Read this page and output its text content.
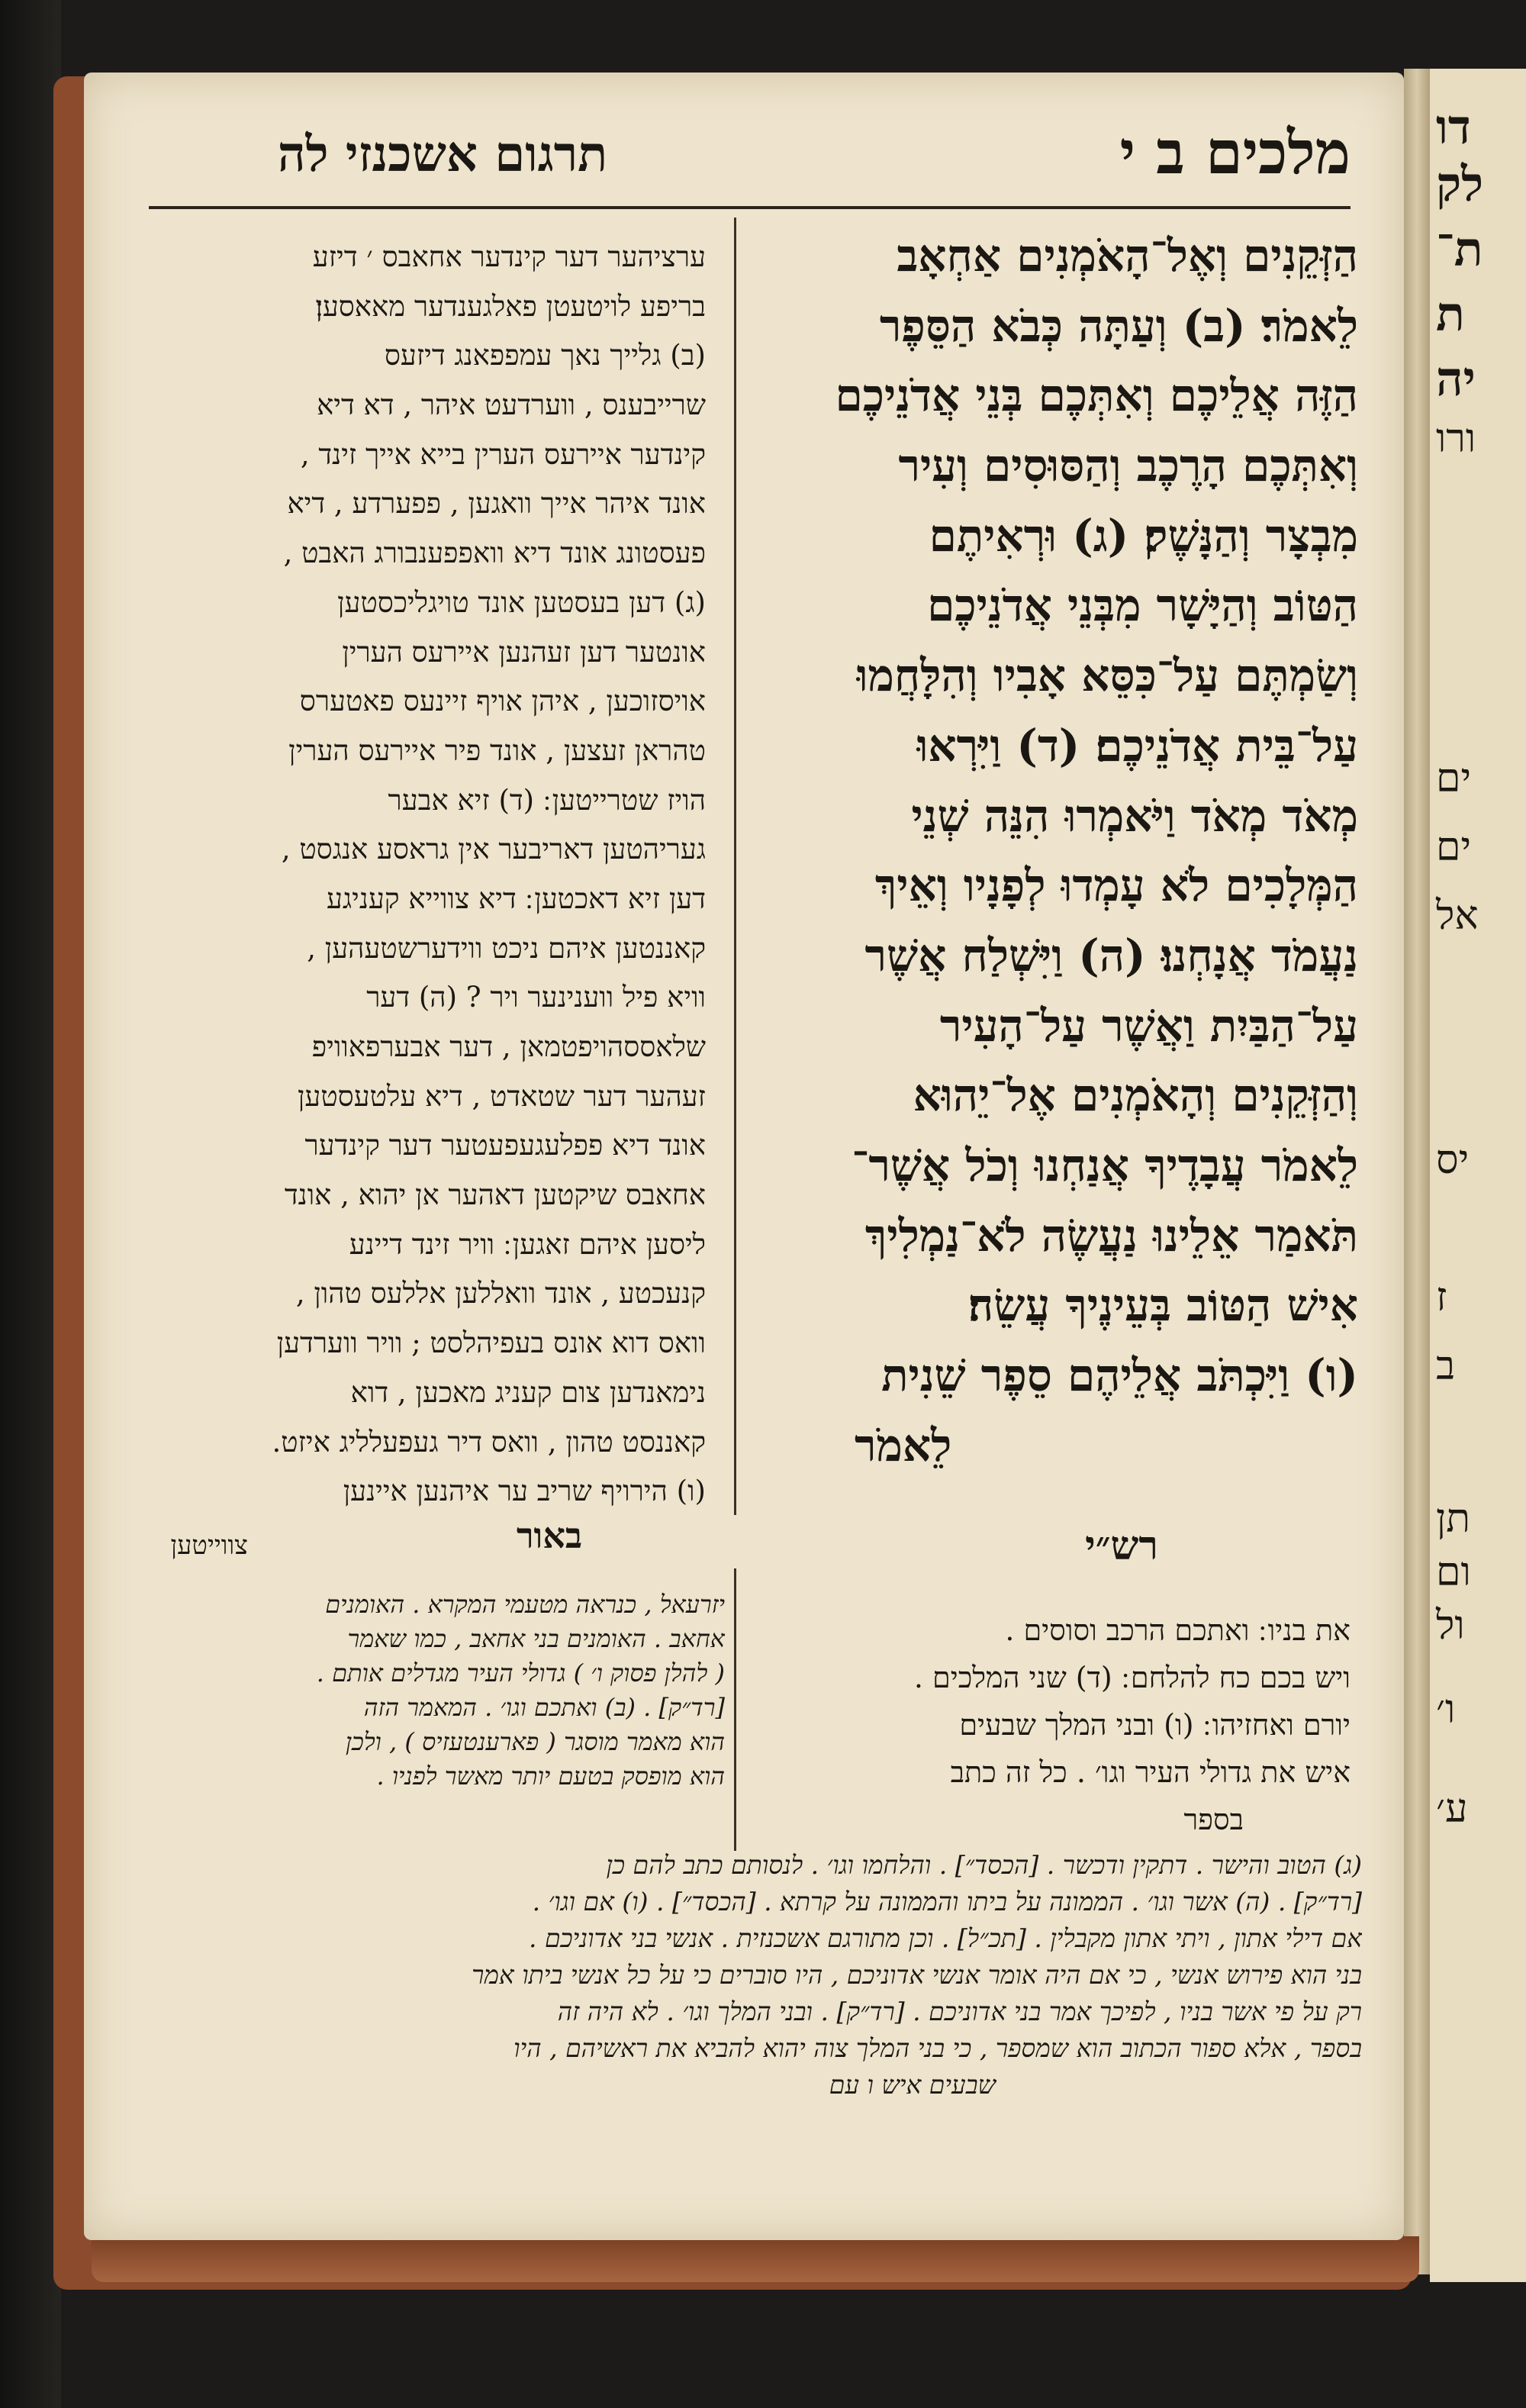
דו
לק
ת־
ת
יה
ורו
ים
ים
אל
יס
ז
ב
תן
ום
ול
ו׳
ע׳
מלכים ב י
תרגום אשכנזי לה
הַזְּקֵנִים וְאֶל־הָאֹמְנִים אַחְאָב
לֵאמֹר׃ (ב) וְעַתָּה כְּבֹא הַסֵּפֶר
הַזֶּה אֲלֵיכֶם וְאִתְּכֶם בְּנֵי אֲדֹנֵיכֶם
וְאִתְּכֶם הָרֶכֶב וְהַסּוּסִים וְעִיר
מִבְצָר וְהַנָּשֶׁק׃ (ג) וּרְאִיתֶם
הַטּוֹב וְהַיָּשָׁר מִבְּנֵי אֲדֹנֵיכֶם
וְשַׂמְתֶּם עַל־כִּסֵּא אָבִיו וְהִלָּחֲמוּ
עַל־בֵּית אֲדֹנֵיכֶם׃ (ד) וַיִּרְאוּ
מְאֹד מְאֹד וַיֹּאמְרוּ הִנֵּה שְׁנֵי
הַמְּלָכִים לֹא עָמְדוּ לְפָנָיו וְאֵיךְ
נַעֲמֹד אֲנָחְנוּ׃ (ה) וַיִּשְׁלַח אֲשֶׁר
עַל־הַבַּיִת וַאֲשֶׁר עַל־הָעִיר
וְהַזְּקֵנִים וְהָאֹמְנִים אֶל־יֵהוּא
לֵאמֹר עֲבָדֶיךָ אֲנַחְנוּ וְכֹל אֲשֶׁר־
תֹּאמַר אֵלֵינוּ נַעֲשֶׂה לֹא־נַמְלִיךְ
אִישׁ הַטּוֹב בְּעֵינֶיךָ עֲשֵׂה׃
(ו) וַיִּכְתֹּב אֲלֵיהֶם סֵפֶר שֵׁנִית
לֵאמֹר
ערציהער דער קינדער אחאבס ׳ דיזע
בריפע לויטעטן פאלגענדער מאאסען׃
(ב) גלייך נאך עמפפאנג דיזעס
שרייבענס , ווערדעט איהר , דא דיא
קינדער איירעס הערין בייא אייך זינד ,
אונד איהר אייך וואגען , פפערדע , דיא
פעסטונג אונד דיא וואפפענבורג האבט ,
(ג) דען בעסטען אונד טויגליכסטען
אונטער דען זעהנען איירעס הערין
אויסזוכען , איהן אויף זיינעס פאטערס
טהראן זעצען , אונד פיר איירעס הערין
הויז שטרייטען ׃ (ד) זיא אבער
געריהטען דאריבער אין גראסע אנגסט ,
דען זיא דאכטען ׃ דיא צווייא קעניגע
קאננטען איהם ניכט ווידערשטעהען ,
וויא פיל ווענינער ויר ? (ה) דער
שלאססהויפטמאן , דער אבערפאוויפ
זעהער דער שטאדט , דיא עלטעסטען
אונד דיא פפלעגעפעטער דער קינדער
אחאבס שיקטען דאהער אן יהוא , אונד
ליסען איהם זאגען ׃ וויר זינד דיינע
קנעכטע , אונד וואללען אללעס טהון ,
וואס דוא אונס בעפיהלסט ; וויר ווערדען
נימאנדען צום קעניג מאכען , דוא
קאננסט טהון , וואס דיר געפעלליג איזט.
(ו) הירויף שריב ער איהנען איינען
צווייטען	באור	רש״י
יזרעאל , כנראה מטעמי המקרא . האומנים
אחאב . האומנים בני אחאב , כמו שאמר
( להלן פסוק ו׳ ) גדולי העיר מגדלים אותם .
[רד״ק] . (ב) ואתכם וגו׳ . המאמר הזה
הוא מאמר מוסגר ( פארענטעזיס ) , ולכן
הוא מופסק בטעם יותר מאשר לפניו .
את בניו ׃ ואתכם הרכב וסוסים .
ויש בכם כח להלחם ׃ (ד) שני המלכים .
יורם ואחזיהו ׃ (ו) ובני המלך שבעים
איש את גדולי העיר וגו׳ . כל זה כתב
בספר
(ג) הטוב והישר . דתקין ודכשר . [הכסד״] . והלחמו וגו׳ . לנסותם כתב להם כן
[רד״ק] . (ה) אשר וגו׳ . הממונה על ביתו והממונה על קרתא . [הכסד״] . (ו) אם וגו׳ .
אם דילי אתון , ויתי אתון מקבלין . [תכ״ל] . וכן מתורגם אשכנזית . אנשי בני אדוניכם .
בני הוא פירוש אנשי , כי אם היה אומר אנשי אדוניכם , היו סוברים כי על כל אנשי ביתו אמר
רק על פי אשר בניו , לפיכך אמר בני אדוניכם . [רד״ק] . ובני המלך וגו׳ . לא היה זה
בספר , אלא ספור הכתוב הוא שמספר , כי בני המלך צוה יהוא להביא את ראשיהם , היו
שבעים איש ו עם
